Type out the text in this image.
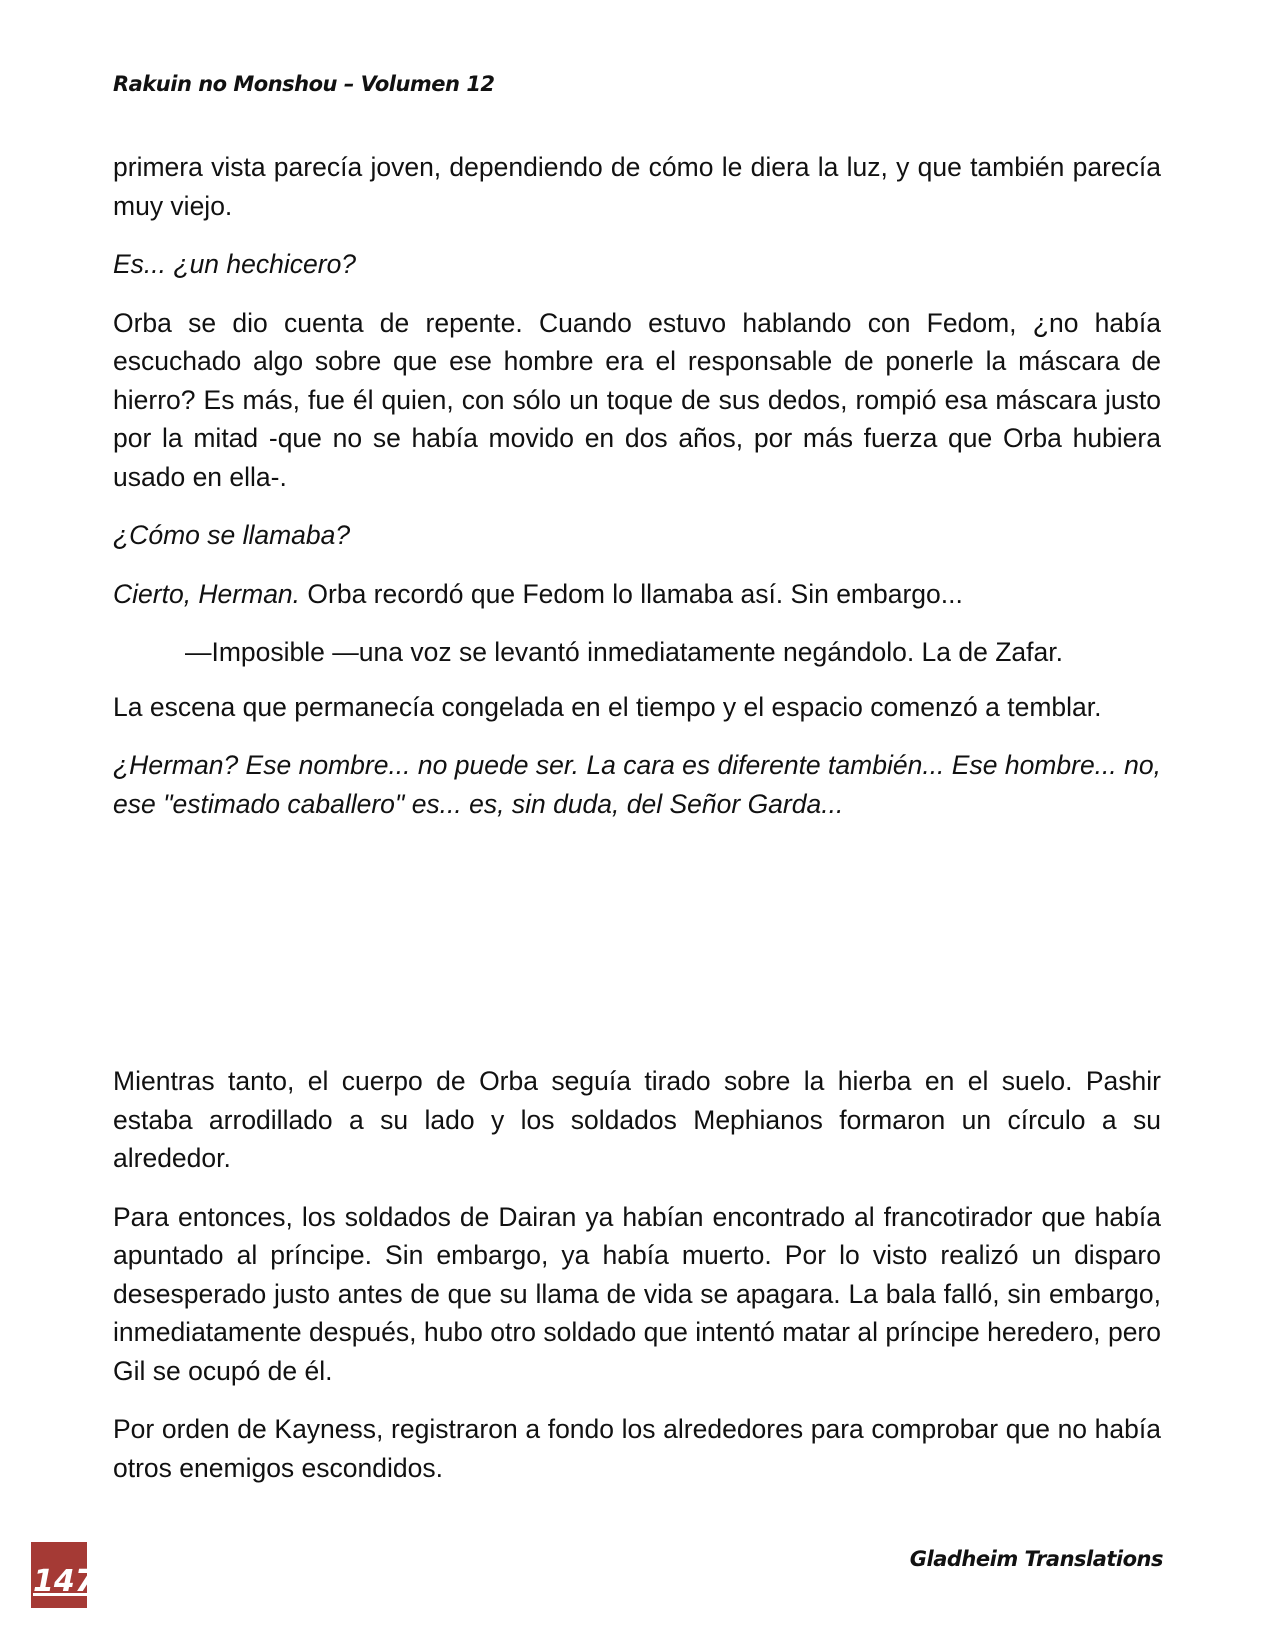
Rakuin no Monshou – Volumen 12

primera vista parecía joven, dependiendo de cómo le diera la luz, y que también parecía muy viejo.

Es... ¿un hechicero?

Orba se dio cuenta de repente. Cuando estuvo hablando con Fedom, ¿no había escuchado algo sobre que ese hombre era el responsable de ponerle la máscara de hierro? Es más, fue él quien, con sólo un toque de sus dedos, rompió esa máscara justo por la mitad -que no se había movido en dos años, por más fuerza que Orba hubiera usado en ella-.

¿Cómo se llamaba?

Cierto, Herman. Orba recordó que Fedom lo llamaba así. Sin embargo...

—Imposible —una voz se levantó inmediatamente negándolo. La de Zafar.

La escena que permanecía congelada en el tiempo y el espacio comenzó a temblar.

¿Herman? Ese nombre... no puede ser. La cara es diferente también... Ese hombre... no, ese "estimado caballero" es... es, sin duda, del Señor Garda...

Mientras tanto, el cuerpo de Orba seguía tirado sobre la hierba en el suelo. Pashir estaba arrodillado a su lado y los soldados Mephianos formaron un círculo a su alrededor.

Para entonces, los soldados de Dairan ya habían encontrado al francotirador que había apuntado al príncipe. Sin embargo, ya había muerto. Por lo visto realizó un disparo desesperado justo antes de que su llama de vida se apagara. La bala falló, sin embargo, inmediatamente después, hubo otro soldado que intentó matar al príncipe heredero, pero Gil se ocupó de él.

Por orden de Kayness, registraron a fondo los alrededores para comprobar que no había otros enemigos escondidos.

147
Gladheim Translations
